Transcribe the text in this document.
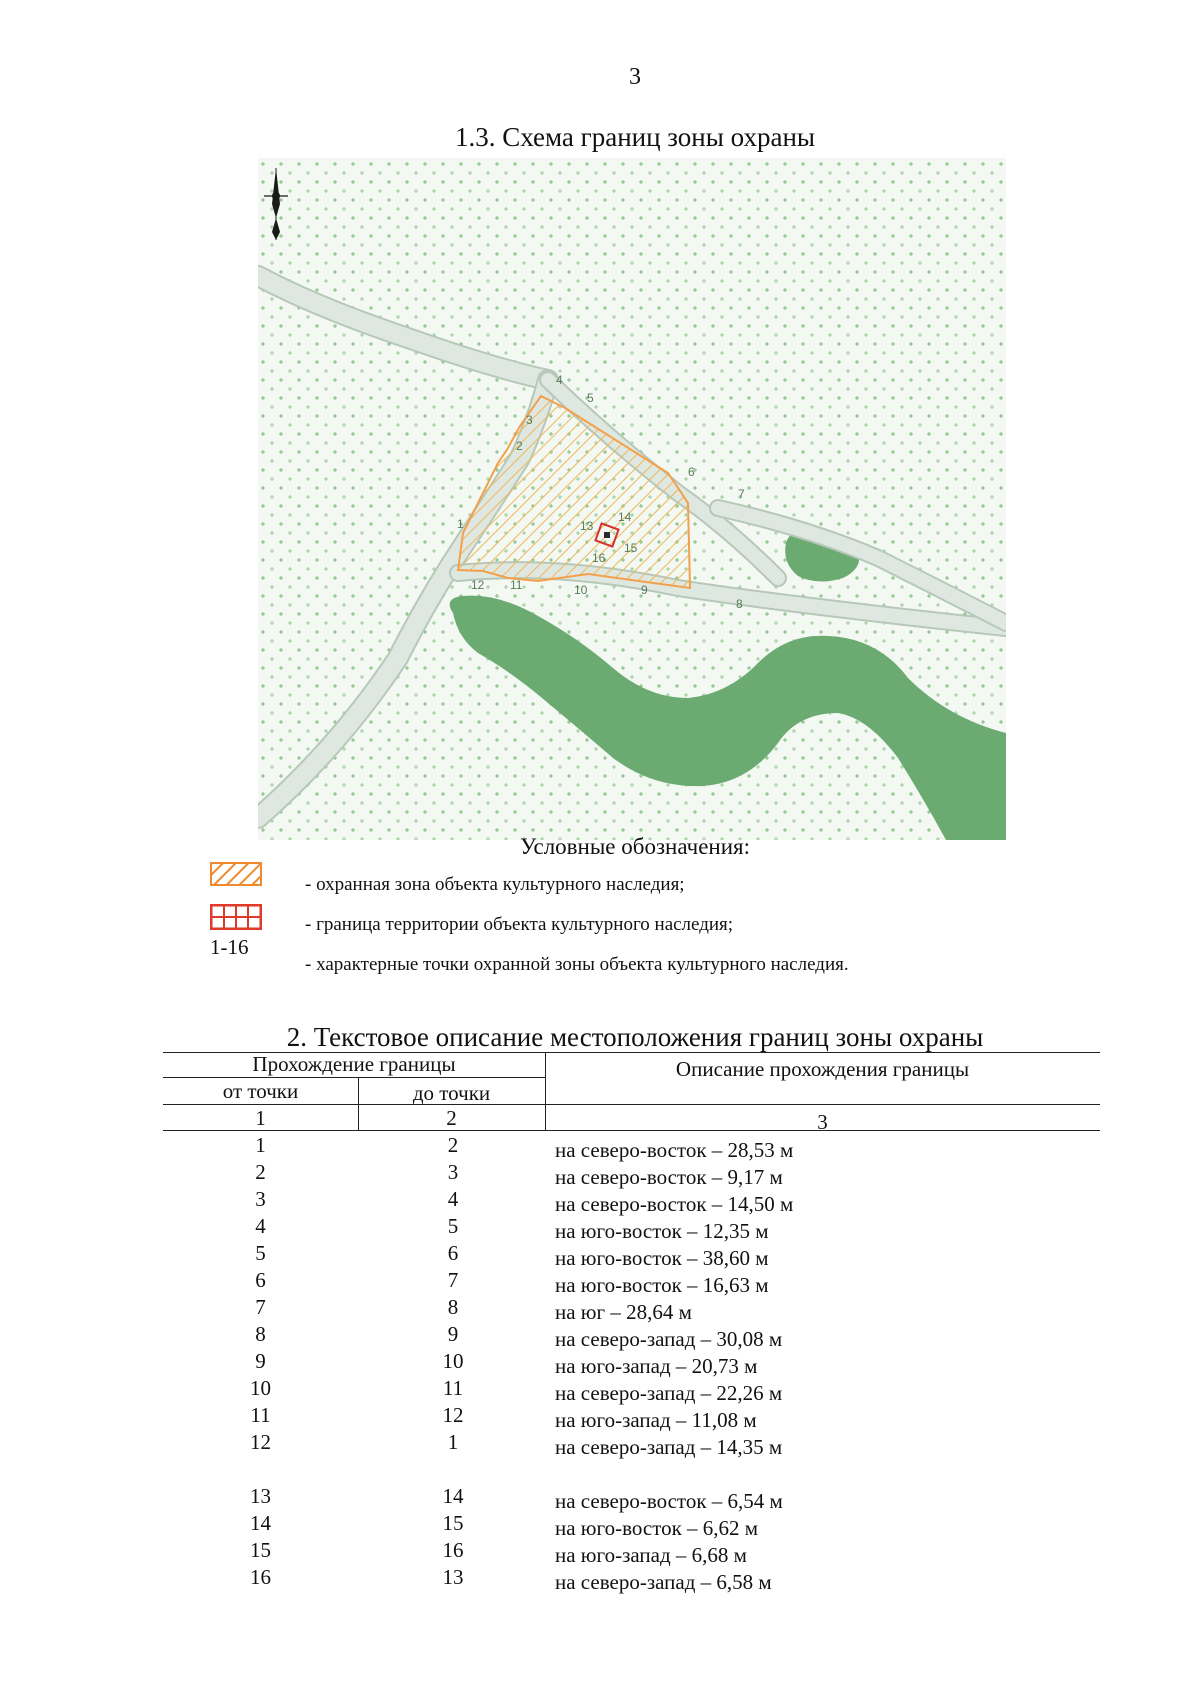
3
1.3. Схема границ зоны охраны
1
2
3
4
5
6
7
8
9
10
11
12
13
14
15
16
Условные обозначения:
1-16
- охранная зона объекта культурного наследия;
- граница территории объекта культурного наследия;
- характерные точки охранной зоны объекта культурного наследия.
2. Текстовое описание местоположения границ зоны охраны
Прохождение границы	Описание прохождения границы
от точки	до точки
1	2	3
1	2	на северо-восток – 28,53 м
2	3	на северо-восток – 9,17 м
3	4	на северо-восток – 14,50 м
4	5	на юго-восток – 12,35 м
5	6	на юго-восток – 38,60 м
6	7	на юго-восток – 16,63 м
7	8	на юг – 28,64 м
8	9	на северо-запад – 30,08 м
9	10	на юго-запад – 20,73 м
10	11	на северо-запад – 22,26 м
11	12	на юго-запад – 11,08 м
12	1	на северо-запад – 14,35 м
13	14	на северо-восток – 6,54 м
14	15	на юго-восток – 6,62 м
15	16	на юго-запад – 6,68 м
16	13	на северо-запад – 6,58 м
